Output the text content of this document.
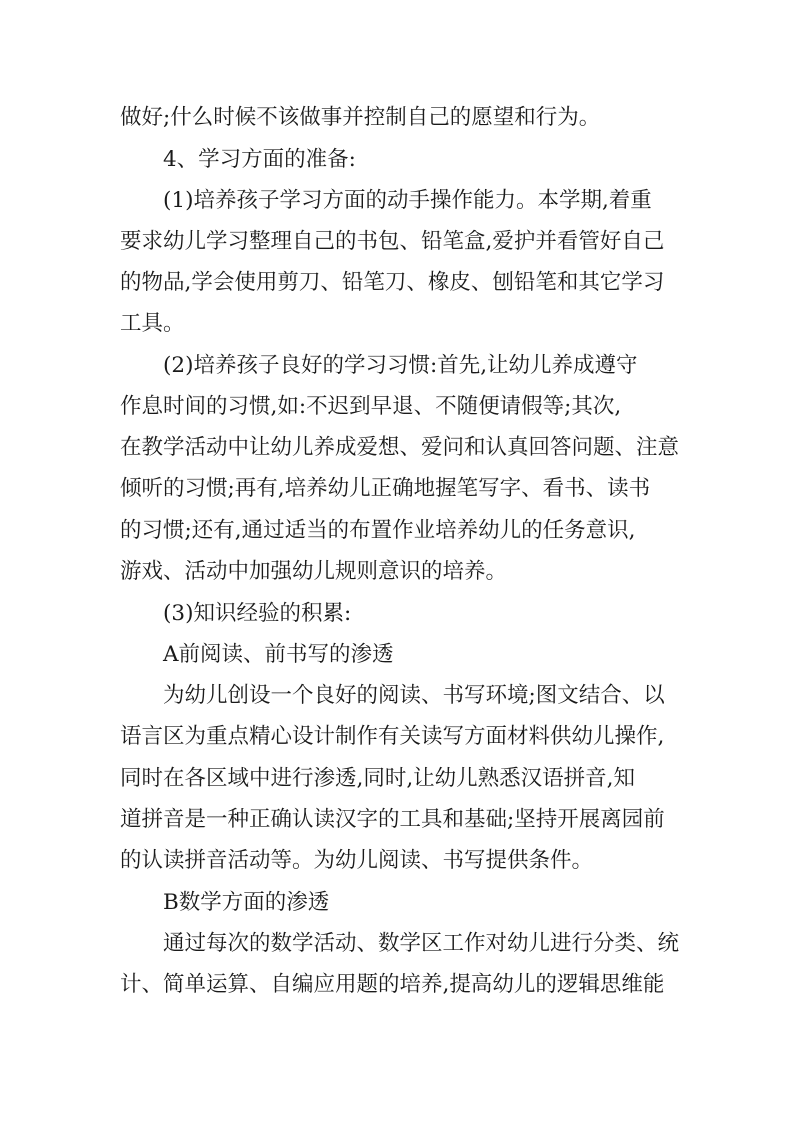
做好;什么时候不该做事并控制自己的愿望和行为。
4、学习方面的准备:
(1)培养孩子学习方面的动手操作能力。本学期,着重
要求幼儿学习整理自己的书包、铅笔盒,爱护并看管好自己
的物品,学会使用剪刀、铅笔刀、橡皮、刨铅笔和其它学习
工具。
(2)培养孩子良好的学习习惯:首先,让幼儿养成遵守
作息时间的习惯,如:不迟到早退、不随便请假等;其次,
在教学活动中让幼儿养成爱想、爱问和认真回答问题、注意
倾听的习惯;再有,培养幼儿正确地握笔写字、看书、读书
的习惯;还有,通过适当的布置作业培养幼儿的任务意识,
游戏、活动中加强幼儿规则意识的培养。
(3)知识经验的积累:
A前阅读、前书写的渗透
为幼儿创设一个良好的阅读、书写环境;图文结合、以
语言区为重点精心设计制作有关读写方面材料供幼儿操作,
同时在各区域中进行渗透,同时,让幼儿熟悉汉语拼音,知
道拼音是一种正确认读汉字的工具和基础;坚持开展离园前
的认读拼音活动等。为幼儿阅读、书写提供条件。
B数学方面的渗透
通过每次的数学活动、数学区工作对幼儿进行分类、统
计、简单运算、自编应用题的培养,提高幼儿的逻辑思维能
